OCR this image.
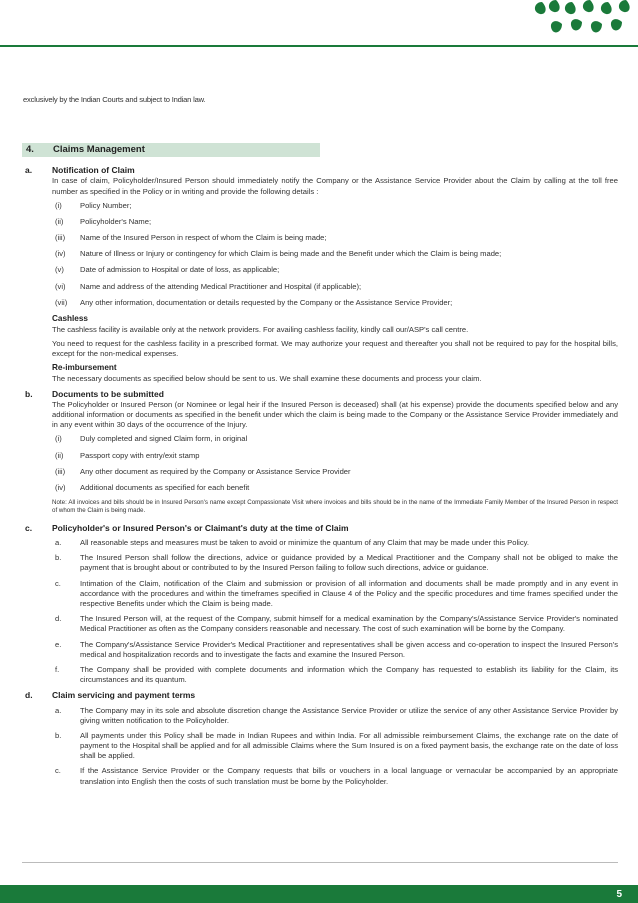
exclusively by the Indian Courts and subject to Indian law.
4. Claims Management
a. Notification of Claim

In case of claim, Policyholder/Insured Person should immediately notify the Company or the Assistance Service Provider about the Claim by calling at the toll free number as specified in the Policy or in writing and provide the following details :

(i) Policy Number;
(ii) Policyholder's Name;
(iii) Name of the Insured Person in respect of whom the Claim is being made;
(iv) Nature of Illness or Injury or contingency for which Claim is being made and the Benefit under which the Claim is being made;
(v) Date of admission to Hospital or date of loss, as applicable;
(vi) Name and address of the attending Medical Practitioner and Hospital (if applicable);
(vii) Any other information, documentation or details requested by the Company or the Assistance Service Provider;
Cashless

The cashless facility is available only at the network providers. For availing cashless facility, kindly call our/ASP's call centre.

You need to request for the cashless facility in a prescribed format. We may authorize your request and thereafter you shall not be required to pay for the hospital bills, except for the non-medical expenses.

Re-imbursement

The necessary documents as specified below should be sent to us. We shall examine these documents and process your claim.

b. Documents to be submitted

The Policyholder or Insured Person (or Nominee or legal heir if the Insured Person is deceased) shall (at his expense) provide the documents specified below and any additional information or documents as specified in the benefit under which the claim is being made to the Company or the Assistance Service Provider immediately and in any event within 30 days of the occurrence of the Injury.

(i) Duly completed and signed Claim form, in original
(ii) Passport copy with entry/exit stamp
(iii) Any other document as required by the Company or Assistance Service Provider
(iv) Additional documents as specified for each benefit

Note: All invoices and bills should be in Insured Person's name except Compassionate Visit where invoices and bills should be in the name of the Immediate Family Member of the Insured Person in respect of whom the Claim is being made.

c. Policyholder's or Insured Person's or Claimant's duty at the time of Claim
a. All reasonable steps and measures must be taken to avoid or minimize the quantum of any Claim that may be made under this Policy.
b. The Insured Person shall follow the directions, advice or guidance provided by a Medical Practitioner and the Company shall not be obliged to make the payment that is brought about or contributed to by the Insured Person failing to follow such directions, advice or guidance.
c.	Intimation of the Claim, notification of the Claim and submission or provision of all information and documents shall be made promptly and in any event in accordance with the procedures and within the timeframes specified in Clause 4 of the Policy and the specific procedures and time frames specified under the respective Benefits under which the Claim is being made.
d. The Insured Person will, at the request of the Company, submit himself for a medical examination by the Company's/Assistance Service Provider's nominated Medical Practitioner as often as the Company considers reasonable and necessary. The cost of such examination will be borne by the Company.
e. The Company's/Assistance Service Provider's Medical Practitioner and representatives shall be given access and co-operation to inspect the Insured Person's medical and hospitalization records and to investigate the facts and examine the Insured Person.
f.	The Company shall be provided with complete documents and information which the Company has requested to establish its liability for the Claim, its circumstances and its quantum.
d. Claim servicing and payment terms
a. The Company may in its sole and absolute discretion change the Assistance Service Provider or utilize the service of any other Assistance Service Provider by giving written notification to the Policyholder.
b. All payments under this Policy shall be made in Indian Rupees and within India. For all admissible reimbursement Claims, the exchange rate on the date of payment to the Hospital shall be applied and for all admissible Claims where the Sum Insured is on a fixed payment basis, the exchange rate on the date of loss shall be applied.
c.	If the Assistance Service Provider or the Company requests that bills or vouchers in a local language or vernacular be accompanied by an appropriate translation into English then the costs of such translation must be borne by the Policyholder.
5
